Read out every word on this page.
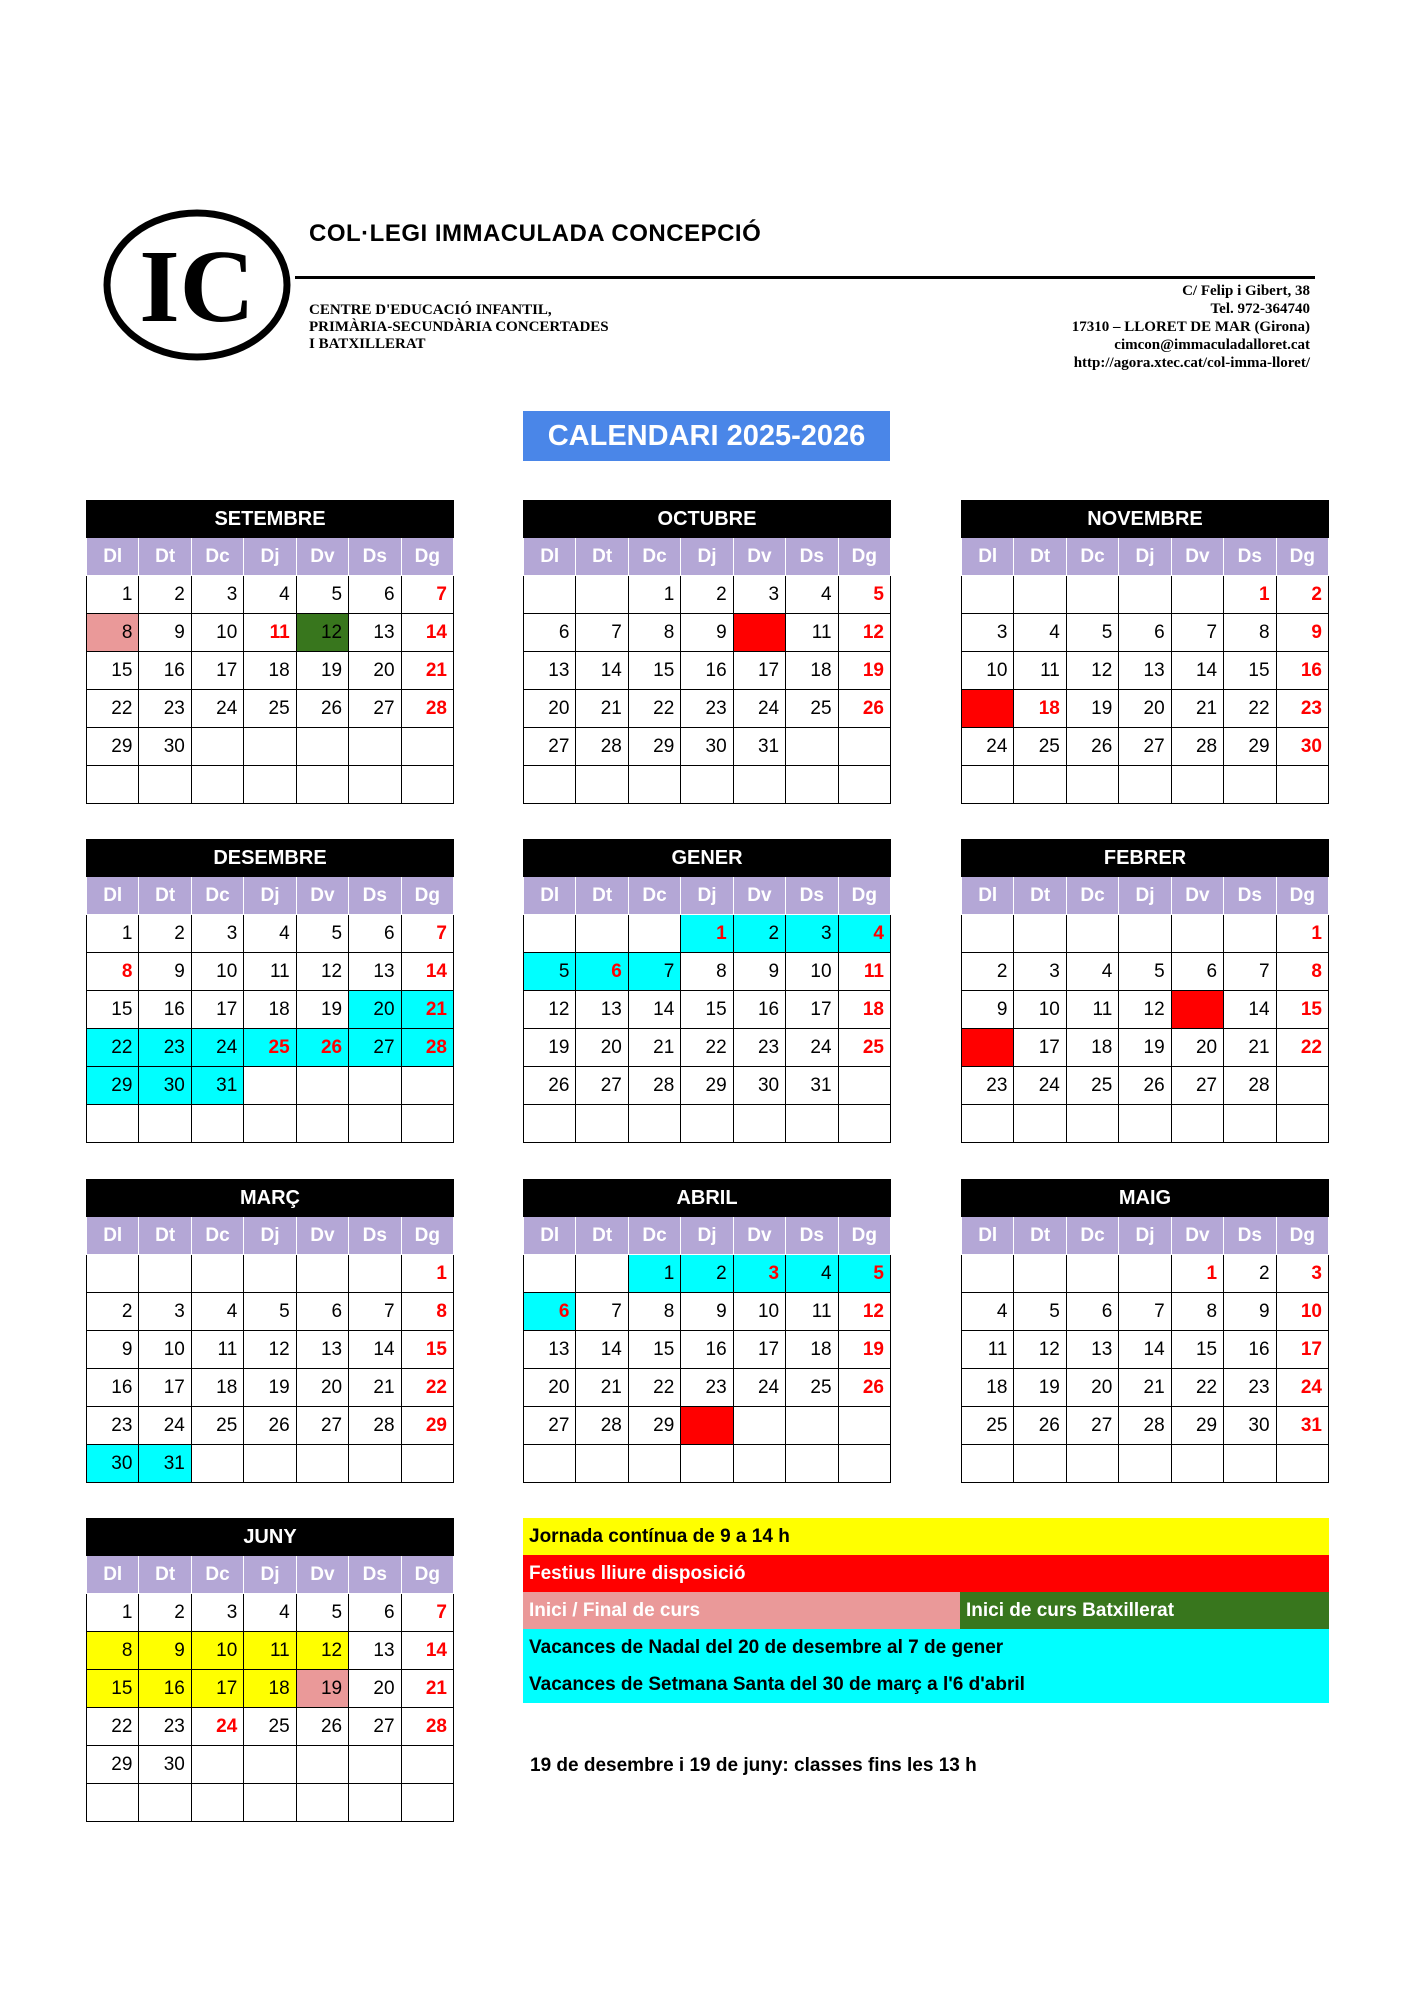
IC COL·LEGI IMMACULADA CONCEPCIÓ
CENTRE D'EDUCACIÓ INFANTIL,
PRIMÀRIA-SECUNDÀRIA CONCERTADES
I BATXILLERAT
C/ Felip i Gibert, 38
Tel. 972-364740
17310 – LLORET DE MAR (Girona)
cimcon@immaculadalloret.cat
http://agora.xtec.cat/col-imma-lloret/
CALENDARI 2025-2026
SETEMBRE						
Dl	Dt	Dc	Dj	Dv	Ds	Dg
1	2	3	4	5	6	7
8	9	10	11	12	13	14
15	16	17	18	19	20	21
22	23	24	25	26	27	28
29	30					

OCTUBRE						
Dl	Dt	Dc	Dj	Dv	Ds	Dg
		1	2	3	4	5
6	7	8	9	10	11	12
13	14	15	16	17	18	19
20	21	22	23	24	25	26
27	28	29	30	31		

NOVEMBRE						
Dl	Dt	Dc	Dj	Dv	Ds	Dg
					1	2
3	4	5	6	7	8	9
10	11	12	13	14	15	16
17	18	19	20	21	22	23
24	25	26	27	28	29	30

DESEMBRE						
Dl	Dt	Dc	Dj	Dv	Ds	Dg
1	2	3	4	5	6	7
8	9	10	11	12	13	14
15	16	17	18	19	20	21
22	23	24	25	26	27	28
29	30	31				

GENER						
Dl	Dt	Dc	Dj	Dv	Ds	Dg
			1	2	3	4
5	6	7	8	9	10	11
12	13	14	15	16	17	18
19	20	21	22	23	24	25
26	27	28	29	30	31	

FEBRER						
Dl	Dt	Dc	Dj	Dv	Ds	Dg
						1
2	3	4	5	6	7	8
9	10	11	12	13	14	15
16	17	18	19	20	21	22
23	24	25	26	27	28	

MARÇ						
Dl	Dt	Dc	Dj	Dv	Ds	Dg
						1
2	3	4	5	6	7	8
9	10	11	12	13	14	15
16	17	18	19	20	21	22
23	24	25	26	27	28	29
30	31					
ABRIL						
Dl	Dt	Dc	Dj	Dv	Ds	Dg
		1	2	3	4	5
6	7	8	9	10	11	12
13	14	15	16	17	18	19
20	21	22	23	24	25	26
27	28	29	30			

MAIG						
Dl	Dt	Dc	Dj	Dv	Ds	Dg
				1	2	3
4	5	6	7	8	9	10
11	12	13	14	15	16	17
18	19	20	21	22	23	24
25	26	27	28	29	30	31

JUNY						
Dl	Dt	Dc	Dj	Dv	Ds	Dg
1	2	3	4	5	6	7
8	9	10	11	12	13	14
15	16	17	18	19	20	21
22	23	24	25	26	27	28
29	30					

Jornada contínua de 9 a 14 h
Festius lliure disposició
Inici / Final de curs	Inici de curs Batxillerat
Vacances de Nadal del 20 de desembre al 7 de gener
Vacances de Setmana Santa del 30 de març a l'6 d'abril
19 de desembre i 19 de juny: classes fins les 13 h
